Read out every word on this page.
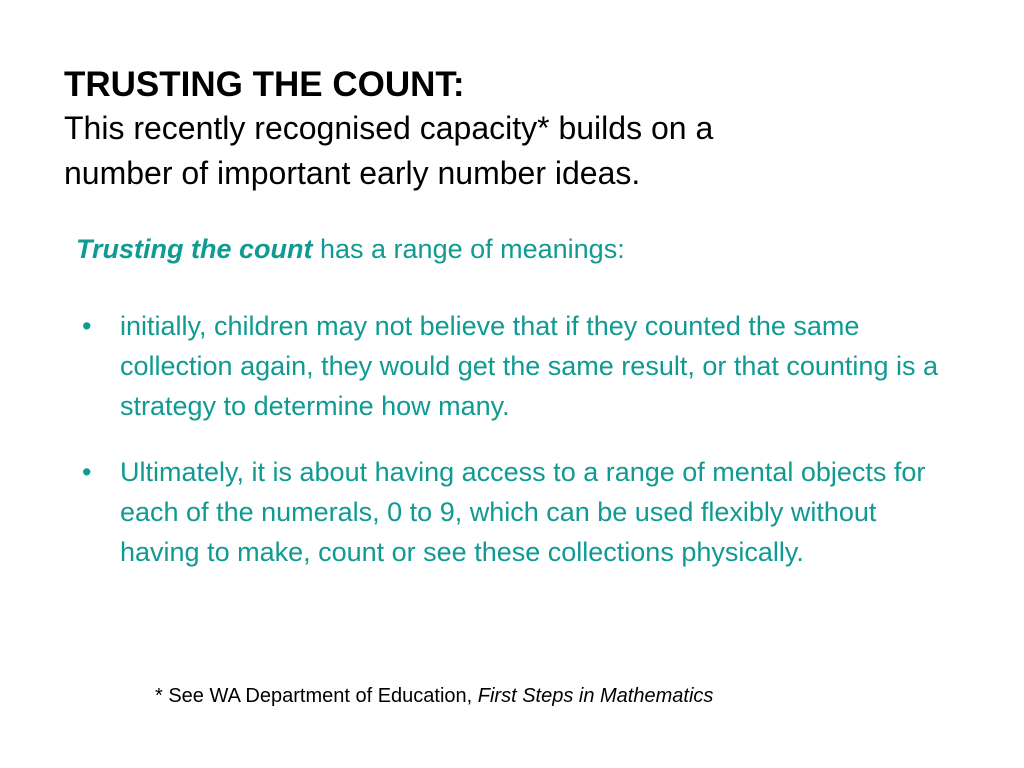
TRUSTING THE COUNT:

This recently recognised capacity* builds on a

number of important early number ideas.

Trusting the count has a range of meanings:
• initially, children may not believe that if they counted the same collection again, they would get the same result, or that counting is a strategy to determine how many.
• Ultimately, it is about having access to a range of mental objects for each of the numerals, 0 to 9, which can be used flexibly without having to make, count or see these collections physically.
* See WA Department of Education, First Steps in Mathematics
